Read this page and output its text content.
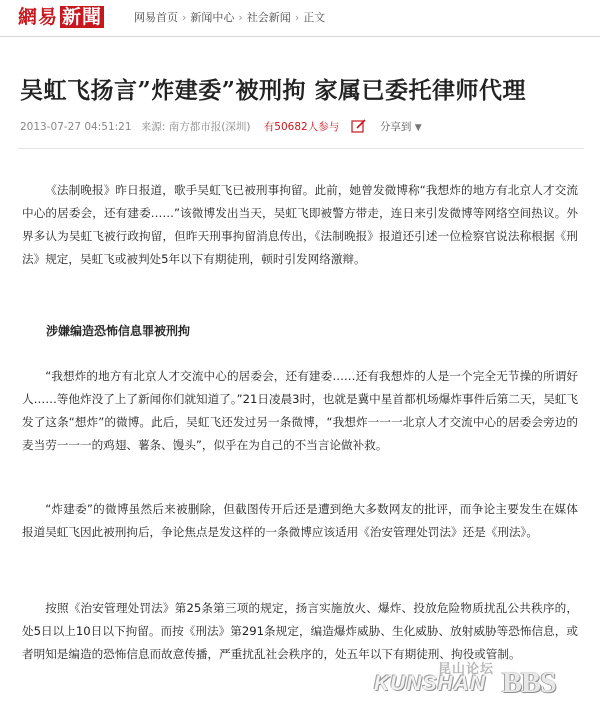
網易 新聞	网易首页 › 新闻中心 › 社会新闻 › 正文
吴虹飞扬言”炸建委”被刑拘 家属已委托律师代理
2013-07-27 04:51:21 来源: 南方都市报(深圳) 有50682人参与	分享到 ▼

《法制晚报》昨日报道，歌手吴虹飞已被刑事拘留。此前，她曾发微博称“我想炸的地方有北京人才交流中心的居委会，还有建委……”该微博发出当天，吴虹飞即被警方带走，连日来引发微博等网络空间热议。外界多认为吴虹飞被行政拘留，但昨天刑事拘留消息传出，《法制晚报》报道还引述一位检察官说法称根据《刑法》规定，吴虹飞或被判处5年以下有期徒刑，顿时引发网络激辩。

涉嫌编造恐怖信息罪被刑拘

“我想炸的地方有北京人才交流中心的居委会，还有建委……还有我想炸的人是一个完全无节操的所谓好人……等他炸没了上了新闻你们就知道了。”21日凌晨3时，也就是冀中星首都机场爆炸事件后第二天，吴虹飞发了这条“想炸”的微博。此后，吴虹飞还发过另一条微博，“我想炸一一一北京人才交流中心的居委会旁边的麦当劳一一一的鸡翅、薯条、馒头”，似乎在为自己的不当言论做补救。

“炸建委”的微博虽然后来被删除，但截图传开后还是遭到绝大多数网友的批评，而争论主要发生在媒体报道吴虹飞因此被刑拘后，争论焦点是发这样的一条微博应该适用《治安管理处罚法》还是《刑法》。

按照《治安管理处罚法》第25条第三项的规定，扬言实施放火、爆炸、投放危险物质扰乱公共秩序的，处5日以上10日以下拘留。而按《刑法》第291条规定，编造爆炸威胁、生化威胁、放射威胁等恐怖信息，或者明知是编造的恐怖信息而故意传播，严重扰乱社会秩序的，处五年以下有期徒刑、拘役或管制。

昆山论坛
KUNSHAN BBS
